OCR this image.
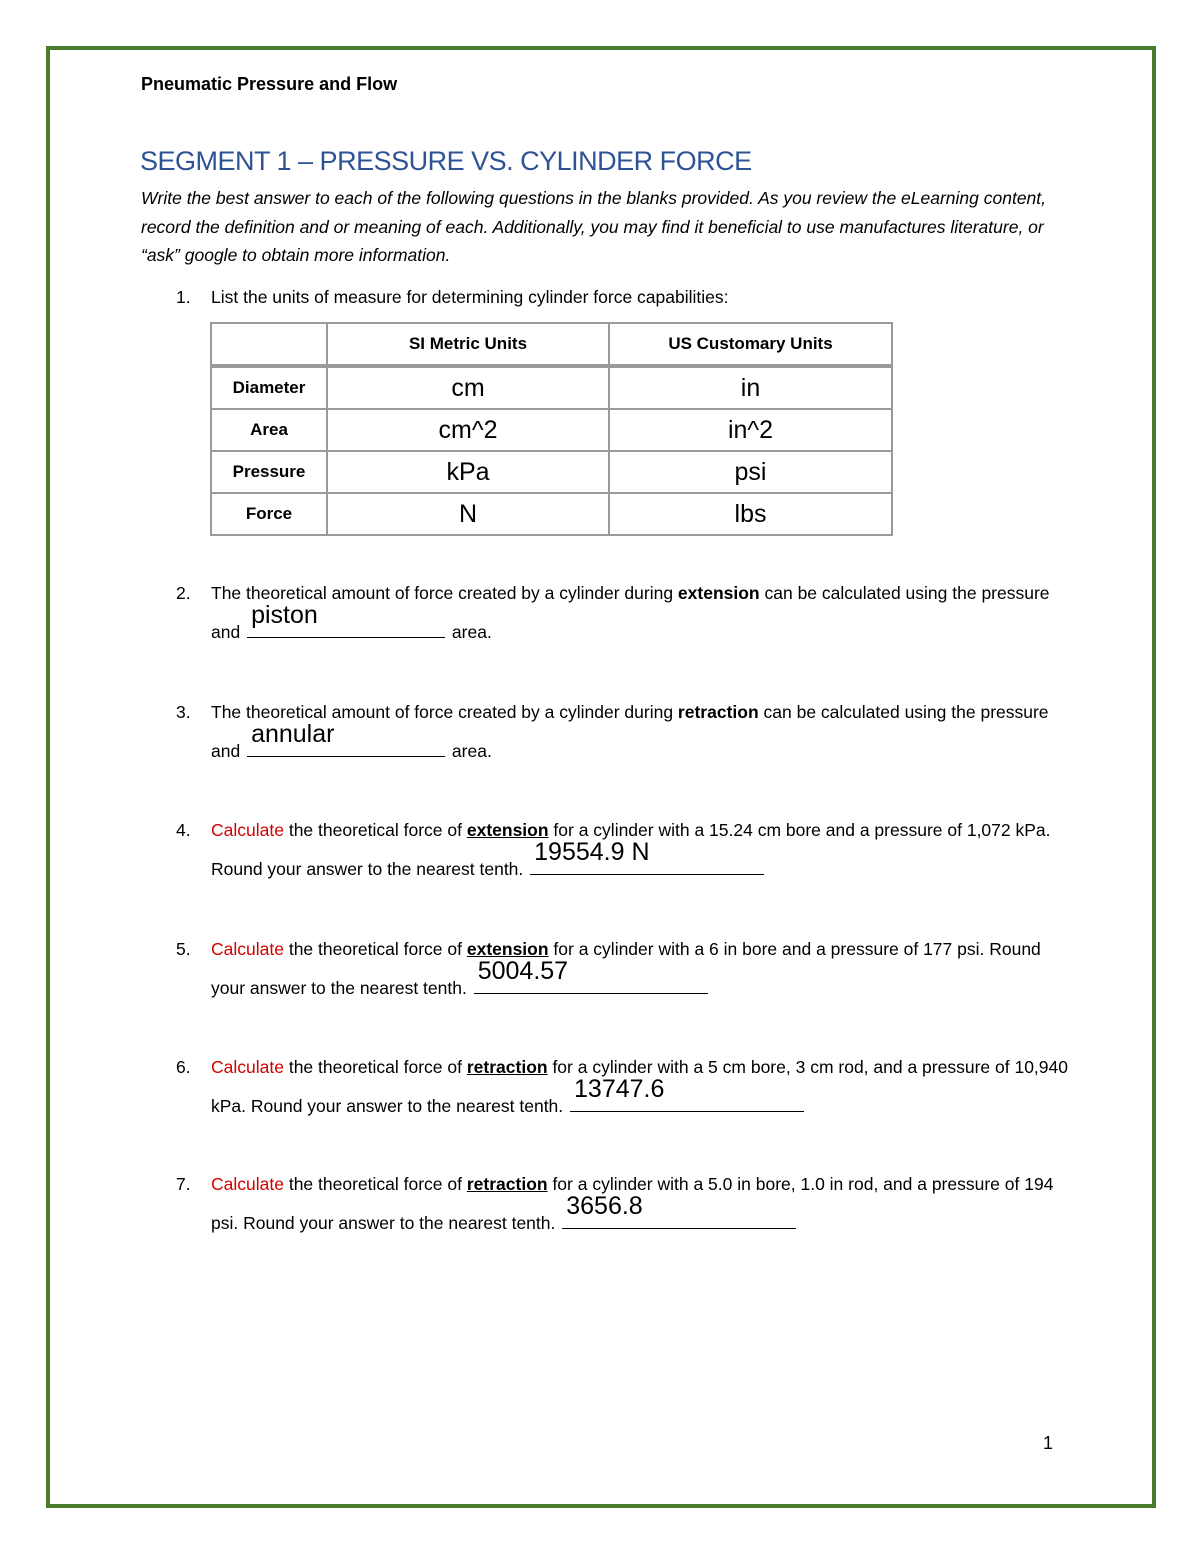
Pneumatic Pressure and Flow
SEGMENT 1 – PRESSURE VS. CYLINDER FORCE
Write the best answer to each of the following questions in the blanks provided. As you review the eLearning content, record the definition and or meaning of each. Additionally, you may find it beneficial to use manufactures literature, or “ask” google to obtain more information.
1. List the units of measure for determining cylinder force capabilities:
	SI Metric Units	US Customary Units
Diameter	cm	in
Area	cm^2	in^2
Pressure	kPa	psi
Force	N	lbs
2. The theoretical amount of force created by a cylinder during extension can be calculated using the pressure and
piston
area.
3. The theoretical amount of force created by a cylinder during retraction can be calculated using the pressure and
annular
area.
4. Calculate the theoretical force of extension for a cylinder with a 15.24 cm bore and a pressure of 1,072 kPa. Round your answer to the nearest tenth.
19554.9 N
5. Calculate the theoretical force of extension for a cylinder with a 6 in bore and a pressure of 177 psi. Round your answer to the nearest tenth.
5004.57
6. Calculate the theoretical force of retraction for a cylinder with a 5 cm bore, 3 cm rod, and a pressure of 10,940 kPa. Round your answer to the nearest tenth.
13747.6
7. Calculate the theoretical force of retraction for a cylinder with a 5.0 in bore, 1.0 in rod, and a pressure of 194 psi. Round your answer to the nearest tenth.
3656.8
1
